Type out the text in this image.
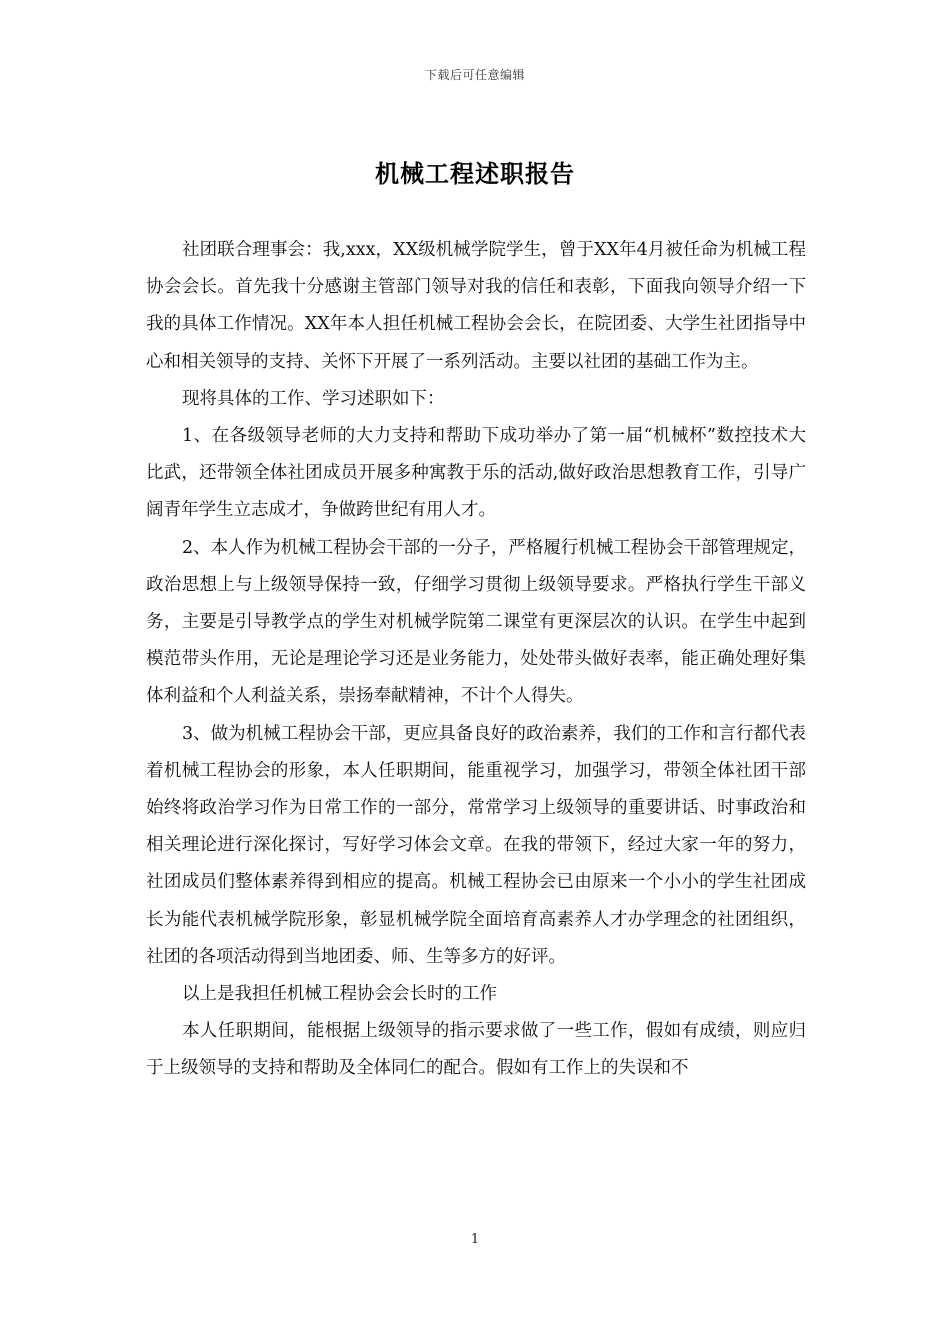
下载后可任意编辑
机械工程述职报告

社团联合理事会：我,xxx，XX级机械学院学生，曾于XX年4月被任命为机械工程协会会长。首先我十分感谢主管部门领导对我的信任和表彰，下面我向领导介绍一下我的具体工作情况。XX年本人担任机械工程协会会长，在院团委、大学生社团指导中心和相关领导的支持、关怀下开展了一系列活动。主要以社团的基础工作为主。

现将具体的工作、学习述职如下：

1、在各级领导老师的大力支持和帮助下成功举办了第一届“机械杯”数控技术大比武，还带领全体社团成员开展多种寓教于乐的活动,做好政治思想教育工作，引导广阔青年学生立志成才，争做跨世纪有用人才。

2、本人作为机械工程协会干部的一分子，严格履行机械工程协会干部管理规定，政治思想上与上级领导保持一致，仔细学习贯彻上级领导要求。严格执行学生干部义务，主要是引导教学点的学生对机械学院第二课堂有更深层次的认识。在学生中起到模范带头作用，无论是理论学习还是业务能力，处处带头做好表率，能正确处理好集体利益和个人利益关系，崇扬奉献精神，不计个人得失。

3、做为机械工程协会干部，更应具备良好的政治素养，我们的工作和言行都代表着机械工程协会的形象，本人任职期间，能重视学习，加强学习，带领全体社团干部始终将政治学习作为日常工作的一部分，常常学习上级领导的重要讲话、时事政治和相关理论进行深化探讨，写好学习体会文章。在我的带领下，经过大家一年的努力，社团成员们整体素养得到相应的提高。机械工程协会已由原来一个小小的学生社团成长为能代表机械学院形象，彰显机械学院全面培育高素养人才办学理念的社团组织，社团的各项活动得到当地团委、师、生等多方的好评。

以上是我担任机械工程协会会长时的工作

本人任职期间，能根据上级领导的指示要求做了一些工作，假如有成绩，则应归于上级领导的支持和帮助及全体同仁的配合。假如有工作上的失误和不

1
